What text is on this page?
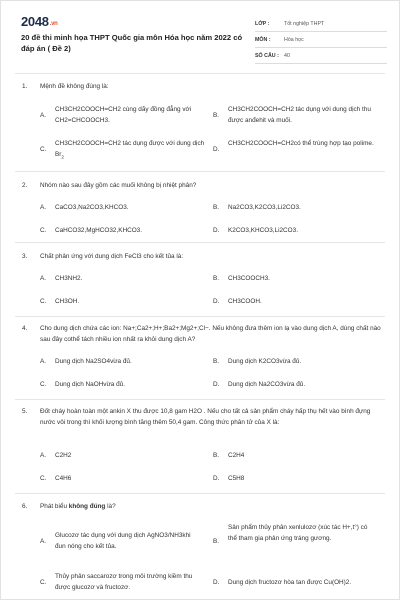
2048.vn
20 đề thi minh họa THPT Quốc gia môn Hóa học năm 2022 có đáp án ( Đề 2)
LỚP :	Tốt nghiệp THPT
MÔN :	Hóa học
SỐ CÂU : 40
1. Mệnh đề không đúng là:
A.
CH3CH2COOCH=CH2 cùng dãy đồng đẳng với CH2=CHCOOCH3.
B.
CH3CH2COOCH=CH2 tác dụng với dung dịch thu được anđehit và muối.
C.
CH3CH2COOCH=CH2 tác dụng được với dung dịch $Br_2$
D.
CH3CH2COOCH=CH2có thể trùng hợp tạo polime.
2. Nhóm nào sau đây gồm các muối không bị nhiệt phân?
A. CaCO3,Na2CO3,KHCO3.	B. Na2CO3,K2CO3,Li2CO3.
C. CaHCO32,MgHCO32,KHCO3.	D. K2CO3,KHCO3,Li2CO3.
3. Chất phản ứng với dung dịch FeCl3 cho kết tủa là:
A. CH3NH2.	B. CH3COOCH3.
C. CH3OH.	D. CH3COOH.
4. Cho dung dịch chứa các ion: Na+;Ca2+;H+;Ba2+;Mg2+;Cl−. Nếu không đưa thêm ion lạ vào dung dịch A, dùng chất nào sau đây cothể tách nhiều ion nhất ra khỏi dung dịch A?
A. Dung dịch Na2SO4vừa đủ.	B. Dung dịch K2CO3vừa đủ.
C. Dung dịch NaOHvừa đủ.	D. Dung dịch Na2CO3vừa đủ.
5. Đốt cháy hoàn toàn một ankin X thu được 10,8 gam H2O . Nếu cho tất cả sản phẩm cháy hấp thụ hết vào bình đựng nước vôi trong thì khối lượng bình tăng thêm 50,4 gam. Công thức phân tử của X là:
A. C2H2	B. C2H4
C. C4H6	D. C5H8
6. Phát biểu không đúng là?
A.
Glucozơ tác dụng với dung dịch AgNO3/NH3khi đun nóng cho kết tủa.
B.
Sản phẩm thủy phân xenlulozơ (xúc tác H+,t°) có thể tham gia phản ứng tráng gương.
C.
Thủy phân saccarozơ trong môi trường kiềm thu được glucozơ và fructozơ.
D. Dung dịch fructozơ hòa tan được Cu(OH)2.
